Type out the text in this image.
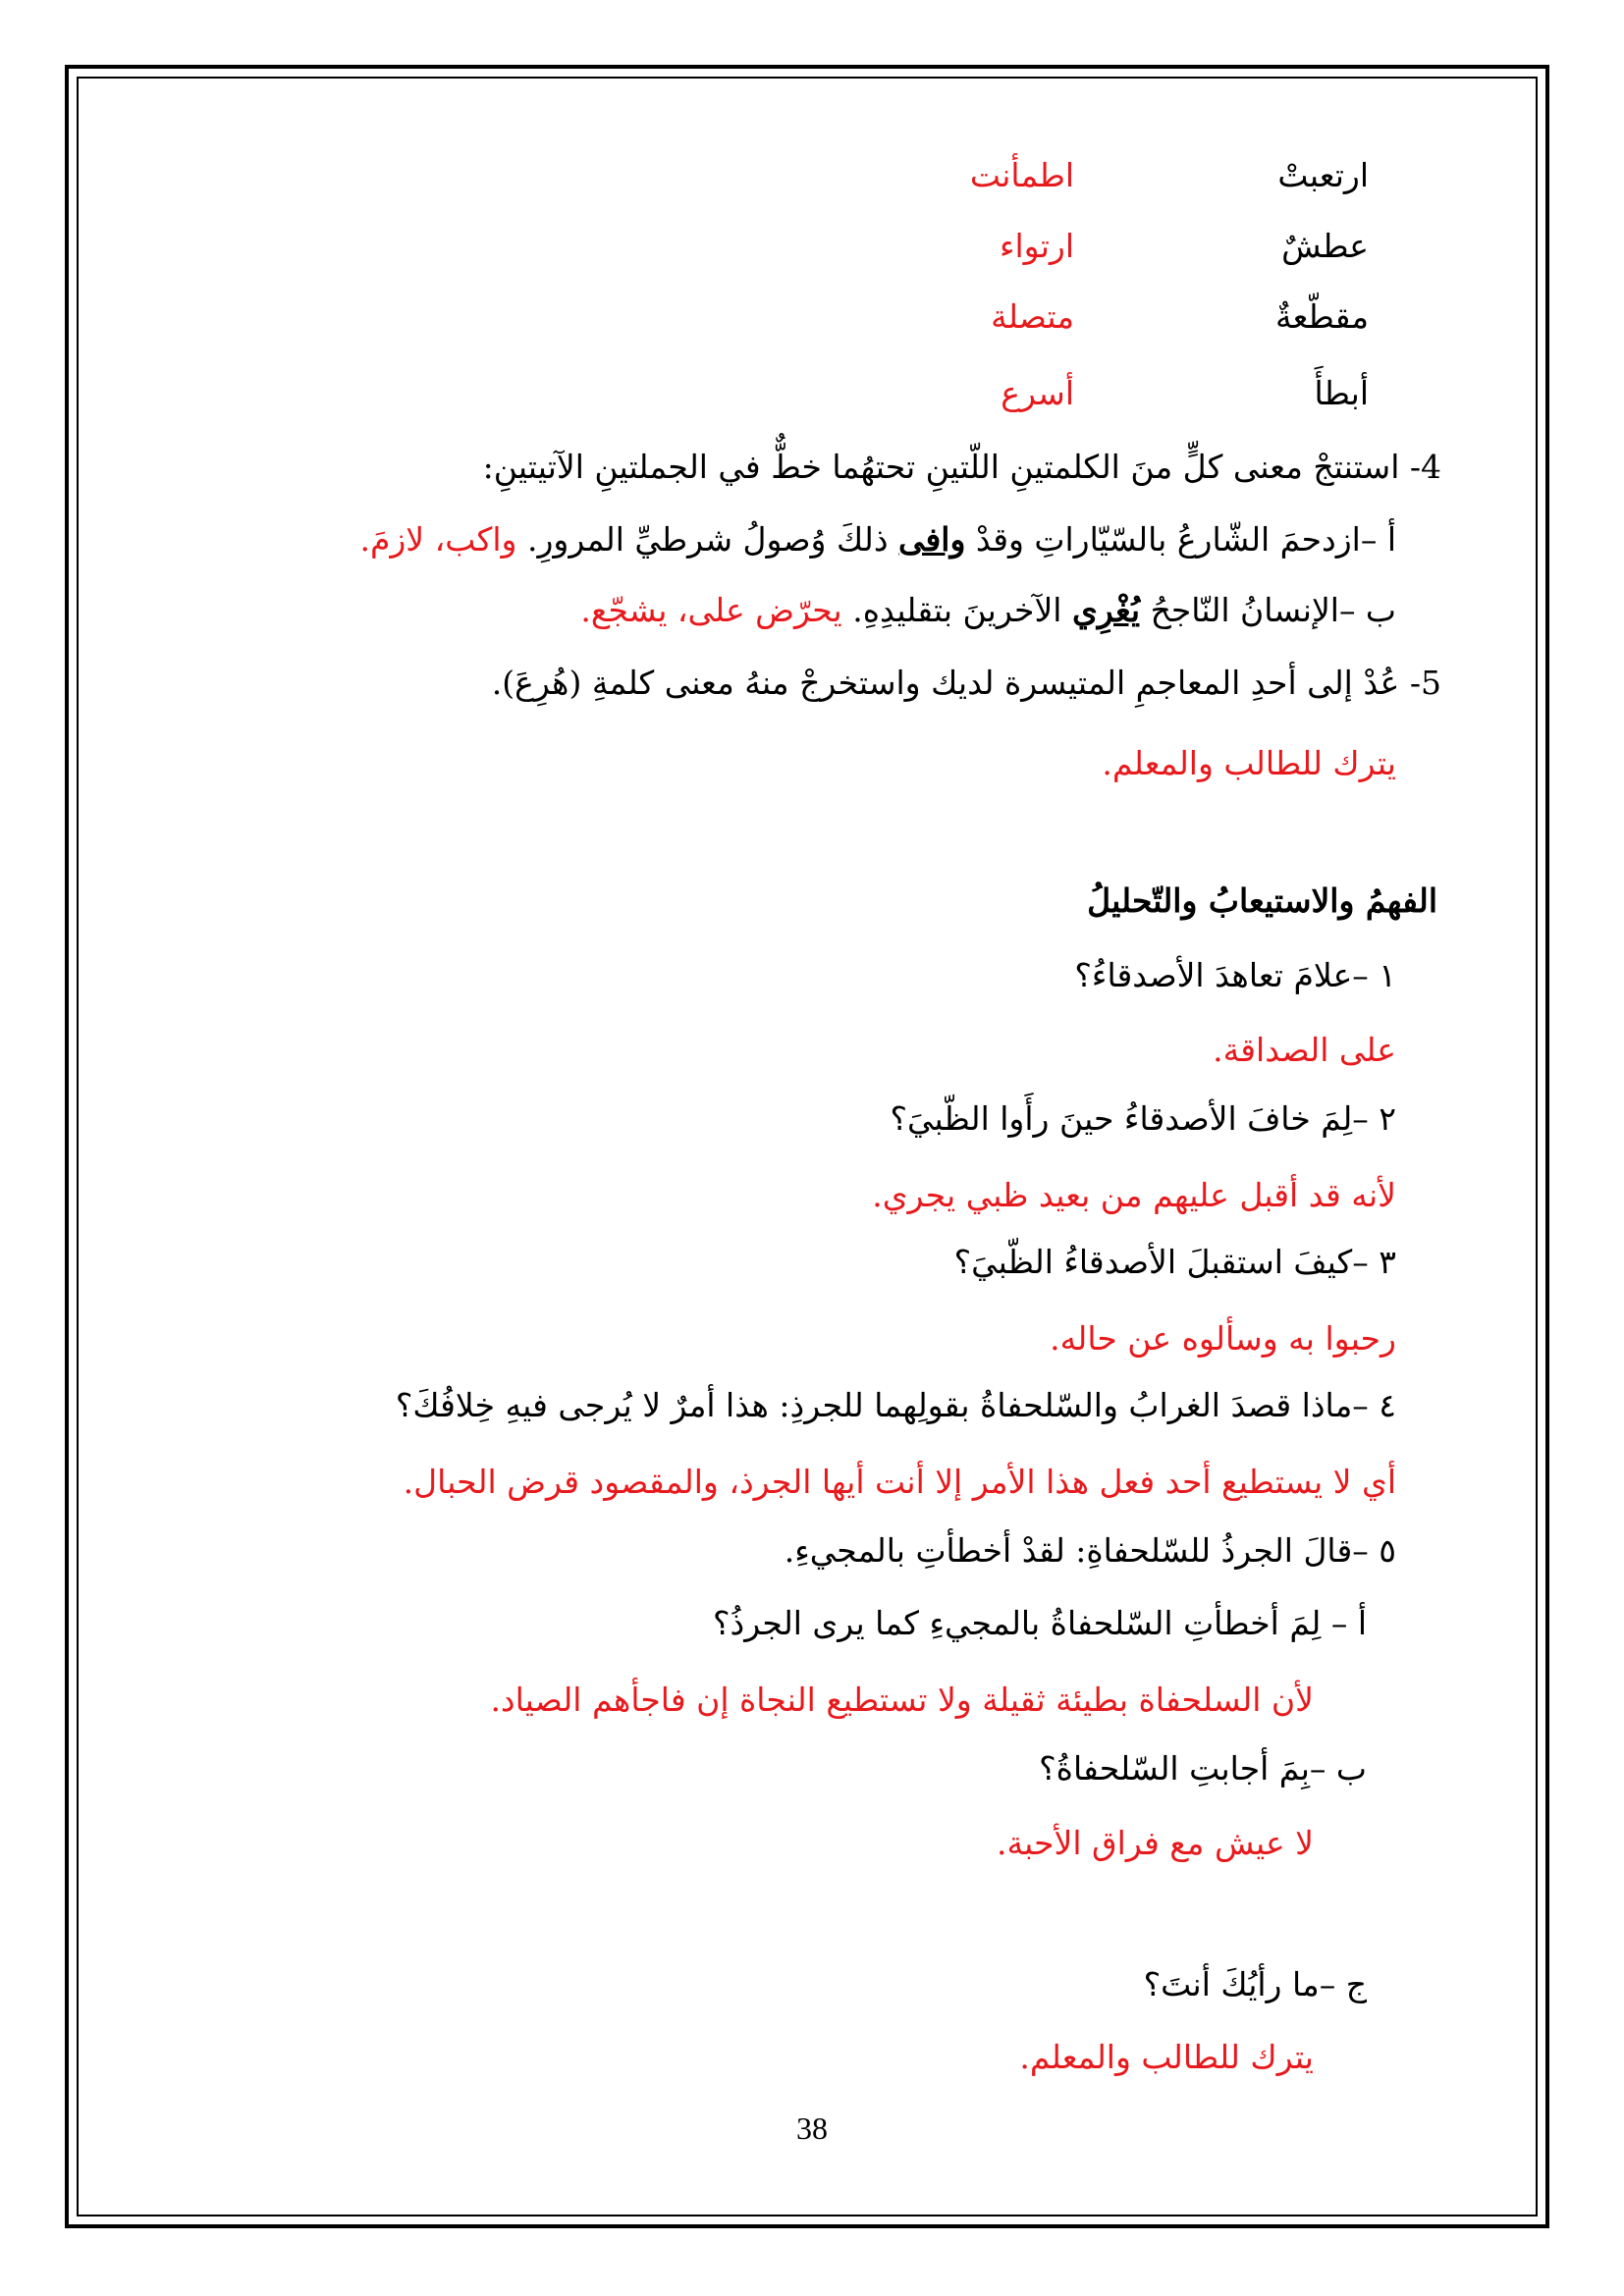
ارتعبتْ
اطمأنت
عطشٌ
ارتواء
مقطّعةٌ
متصلة
أبطأَ
أسرع
4- استنتجْ معنى كلٍّ منَ الكلمتينِ اللّتينِ تحتهُما خطٌّ في الجملتينِ الآتيتينِ:
أ –ازدحمَ الشّارعُ بالسّيّاراتِ وقدْ وافى ذلكَ وُصولُ شرطيِّ المرورِ. واكب، لازمَ.
ب –الإنسانُ النّاجحُ يُغْرِي الآخرينَ بتقليدِهِ. يحرّض على، يشجّع.
5- عُدْ إلى أحدِ المعاجمِ المتيسرة لديك واستخرجْ منهُ معنى كلمةِ (هُرِعَ).
يترك للطالب والمعلم.
الفهمُ والاستيعابُ والتّحليلُ
١ –علامَ تعاهدَ الأصدقاءُ؟
على الصداقة.
٢ –لِمَ خافَ الأصدقاءُ حينَ رأَوا الظّبيَ؟
لأنه قد أقبل عليهم من بعيد ظبي يجري.
٣ –كيفَ استقبلَ الأصدقاءُ الظّبيَ؟
رحبوا به وسألوه عن حاله.
٤ –ماذا قصدَ الغرابُ والسّلحفاةُ بقولِهما للجرذِ: هذا أمرٌ لا يُرجى فيهِ خِلافُكَ؟
أي لا يستطيع أحد فعل هذا الأمر إلا أنت أيها الجرذ، والمقصود قرض الحبال.
٥ –قالَ الجرذُ للسّلحفاةِ: لقدْ أخطأتِ بالمجيءِ.
أ – لِمَ أخطأتِ السّلحفاةُ بالمجيءِ كما يرى الجرذُ؟
لأن السلحفاة بطيئة ثقيلة ولا تستطيع النجاة إن فاجأهم الصياد.
ب –بِمَ أجابتِ السّلحفاةُ؟
لا عيش مع فراق الأحبة.
ج –ما رأيُكَ أنتَ؟
يترك للطالب والمعلم.
38
